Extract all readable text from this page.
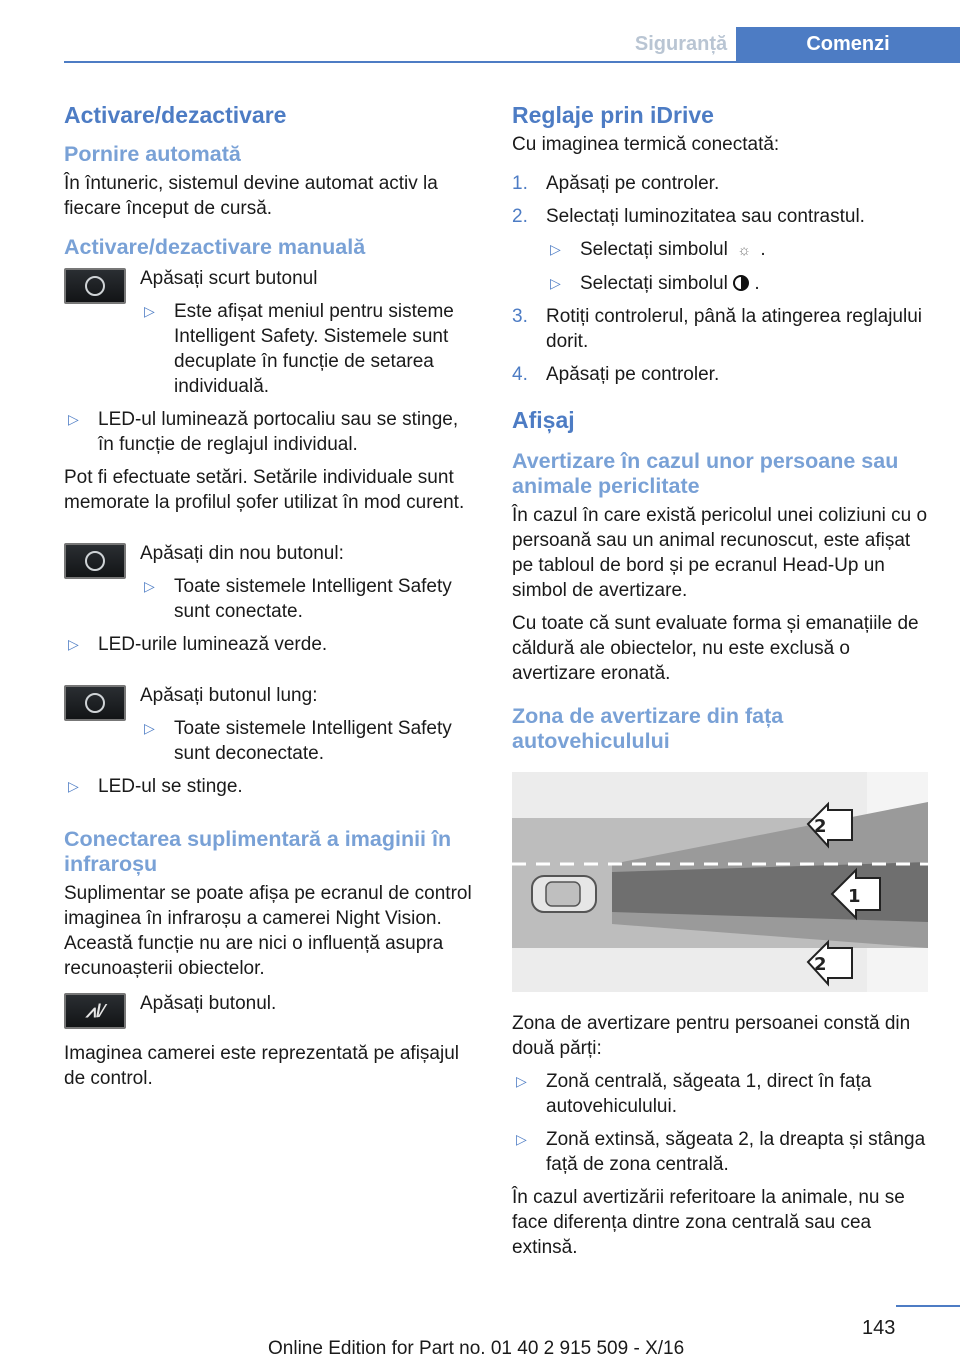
Siguranță	Comenzi
Activare/dezactivare
Pornire automată

În întuneric, sistemul devine automat activ la fiecare început de cursă.

Activare/dezactivare manuală

Apăsați scurt butonul

▷ Este afișat meniul pentru sisteme Intelligent Safety. Sistemele sunt decuplate în funcție de setarea individuală.
▷ LED-ul luminează portocaliu sau se stinge, în funcție de reglajul individual.

Pot fi efectuate setări. Setările individuale sunt memorate la profilul șofer utilizat în mod curent.

Apăsați din nou butonul:

▷ Toate sistemele Intelligent Safety sunt conectate.
▷ LED-urile luminează verde.

Apăsați butonul lung:

▷ Toate sistemele Intelligent Safety sunt deconectate.
▷ LED-ul se stinge.
Conectarea suplimentară a imaginii în infraroșu

Suplimentar se poate afișa pe ecranul de control imaginea în infraroșu a camerei Night Vision. Această funcție nu are nici o influență asupra recunoașterii obiectelor.

⩘/⁄ Apăsați butonul.

Imaginea camerei este reprezentată pe afișajul de control.

Reglaje prin iDrive

Cu imaginea termică conectată:

1. Apăsați pe controler.
2. Selectați luminozitatea sau contrastul.
▷ Selectați simbolul ☼ .
▷ Selectați simbolul .
3. Rotiți controlerul, până la atingerea reglajului dorit.
4. Apăsați pe controler.
Afișaj
Avertizare în cazul unor persoane sau animale periclitate

În cazul în care există pericolul unei coliziuni cu o persoană sau un animal recunoscut, este afișat pe tabloul de bord și pe ecranul Head-Up un simbol de avertizare.

Cu toate că sunt evaluate forma și emanațiile de căldură ale obiectelor, nu este exclusă o avertizare eronată.

Zona de avertizare din fața autovehiculului
2
1
2

Zona de avertizare pentru persoanei constă din două părți:

▷ Zonă centrală, săgeata 1, direct în fața autovehiculului.
▷ Zonă extinsă, săgeata 2, la dreapta și stânga față de zona centrală.

În cazul avertizării referitoare la animale, nu se face diferența dintre zona centrală sau cea extinsă.

143
Online Edition for Part no. 01 40 2 915 509 - X/16
